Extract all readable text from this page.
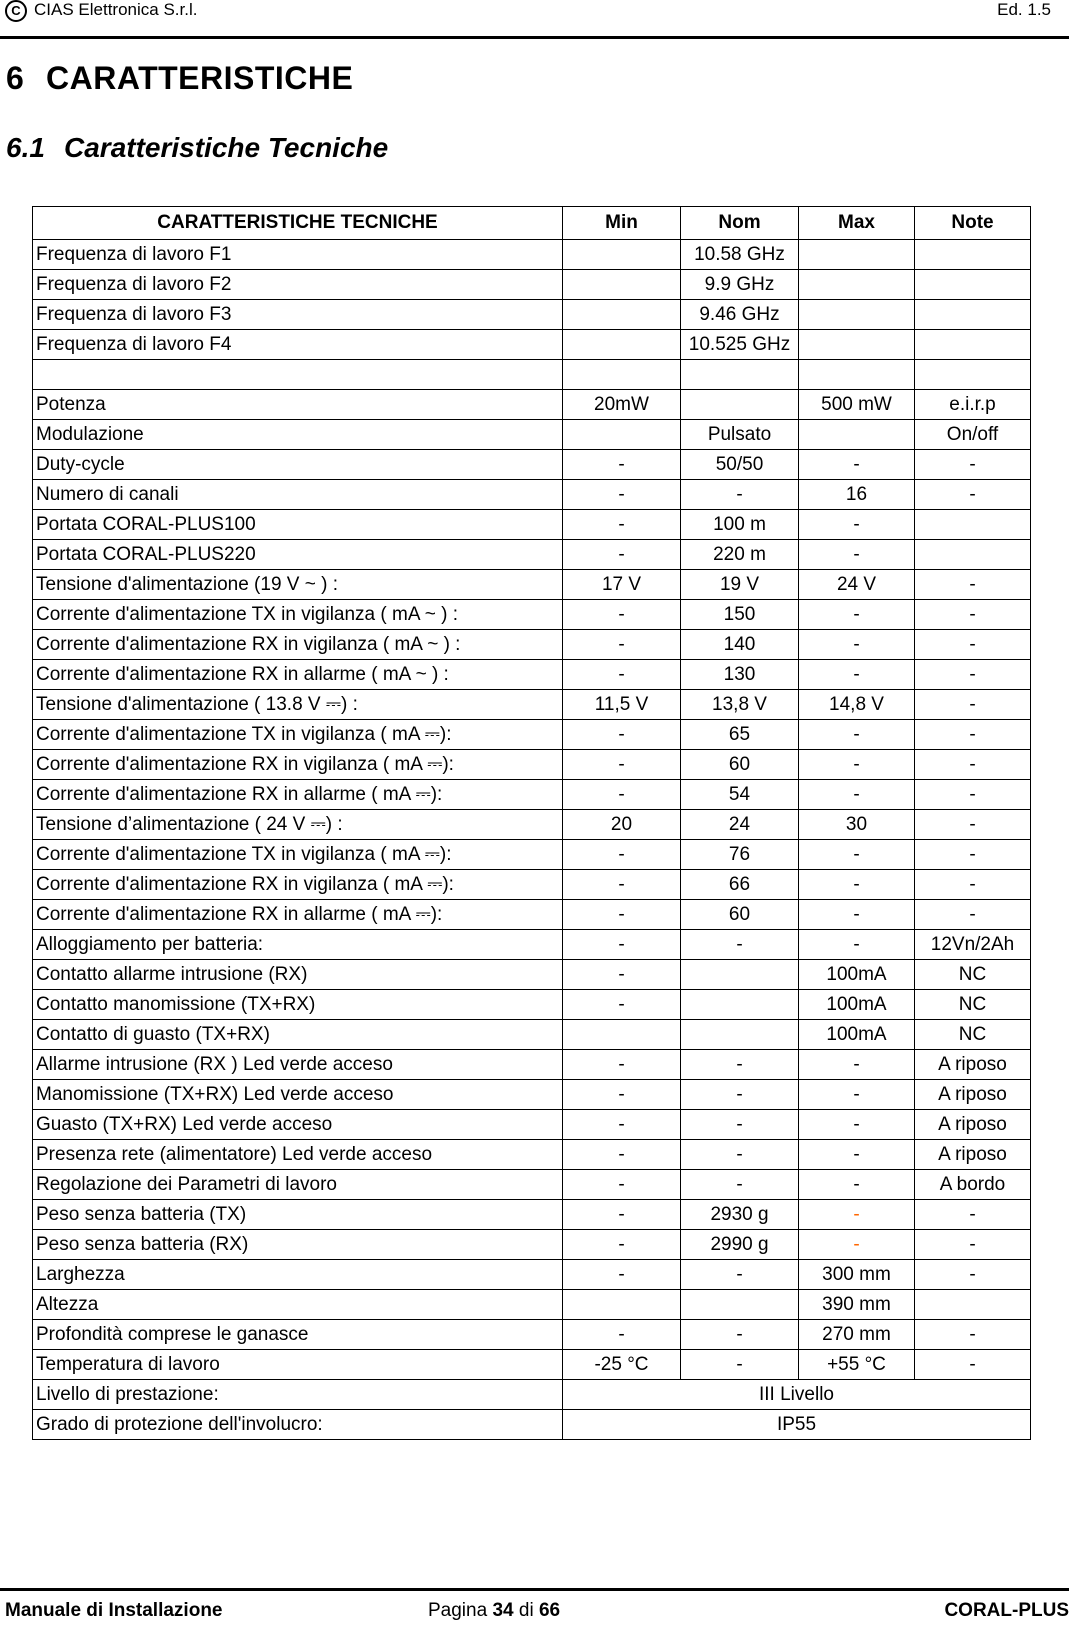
C CIAS Elettronica S.r.l.	Ed. 1.5
6 CARATTERISTICHE
6.1 Caratteristiche Tecniche
CARATTERISTICHE TECNICHE	Min	Nom	Max	Note
Frequenza di lavoro F1		10.58 GHz		
Frequenza di lavoro F2		9.9 GHz		
Frequenza di lavoro F3		9.46 GHz		
Frequenza di lavoro F4		10.525 GHz		

Potenza	20mW		500 mW	e.i.r.p
Modulazione		Pulsato		On/off
Duty-cycle	-	50/50	-	-
Numero di canali	-	-	16	-
Portata CORAL-PLUS100	-	100 m	-	
Portata CORAL-PLUS220	-	220 m	-	
Tensione d'alimentazione (19 V ~ ) :	17 V	19 V	24 V	-
Corrente d'alimentazione TX in vigilanza ( mA ~ ) :	-	150	-	-
Corrente d'alimentazione RX in vigilanza ( mA ~ ) :	-	140	-	-
Corrente d'alimentazione RX in allarme ( mA ~ ) :	-	130	-	-
Tensione d'alimentazione ( 13.8 V ⎓) :	11,5 V	13,8 V	14,8 V	-
Corrente d'alimentazione TX in vigilanza ( mA ⎓):	-	65	-	-
Corrente d'alimentazione RX in vigilanza ( mA ⎓):	-	60	-	-
Corrente d'alimentazione RX in allarme ( mA ⎓):	-	54	-	-
Tensione d’alimentazione ( 24 V ⎓) :	20	24	30	-
Corrente d'alimentazione TX in vigilanza ( mA ⎓):	-	76	-	-
Corrente d'alimentazione RX in vigilanza ( mA ⎓):	-	66	-	-
Corrente d'alimentazione RX in allarme ( mA ⎓):	-	60	-	-
Alloggiamento per batteria:	-	-	-	12Vn/2Ah
Contatto allarme intrusione (RX)	-		100mA	NC
Contatto manomissione (TX+RX)	-		100mA	NC
Contatto di guasto (TX+RX)			100mA	NC
Allarme intrusione (RX ) Led verde acceso	-	-	-	A riposo
Manomissione (TX+RX) Led verde acceso	-	-	-	A riposo
Guasto (TX+RX) Led verde acceso	-	-	-	A riposo
Presenza rete (alimentatore) Led verde acceso	-	-	-	A riposo
Regolazione dei Parametri di lavoro	-	-	-	A bordo
Peso senza batteria (TX)	-	2930 g	-	-
Peso senza batteria (RX)	-	2990 g	-	-
Larghezza	-	-	300 mm	-
Altezza			390 mm	
Profondità comprese le ganasce	-	-	270 mm	-
Temperatura di lavoro	-25 °C	-	+55 °C	-
Livello di prestazione:	III Livello			
Grado di protezione dell'involucro:	IP55			
Manuale di Installazione	Pagina 34 di 66	CORAL-PLUS
